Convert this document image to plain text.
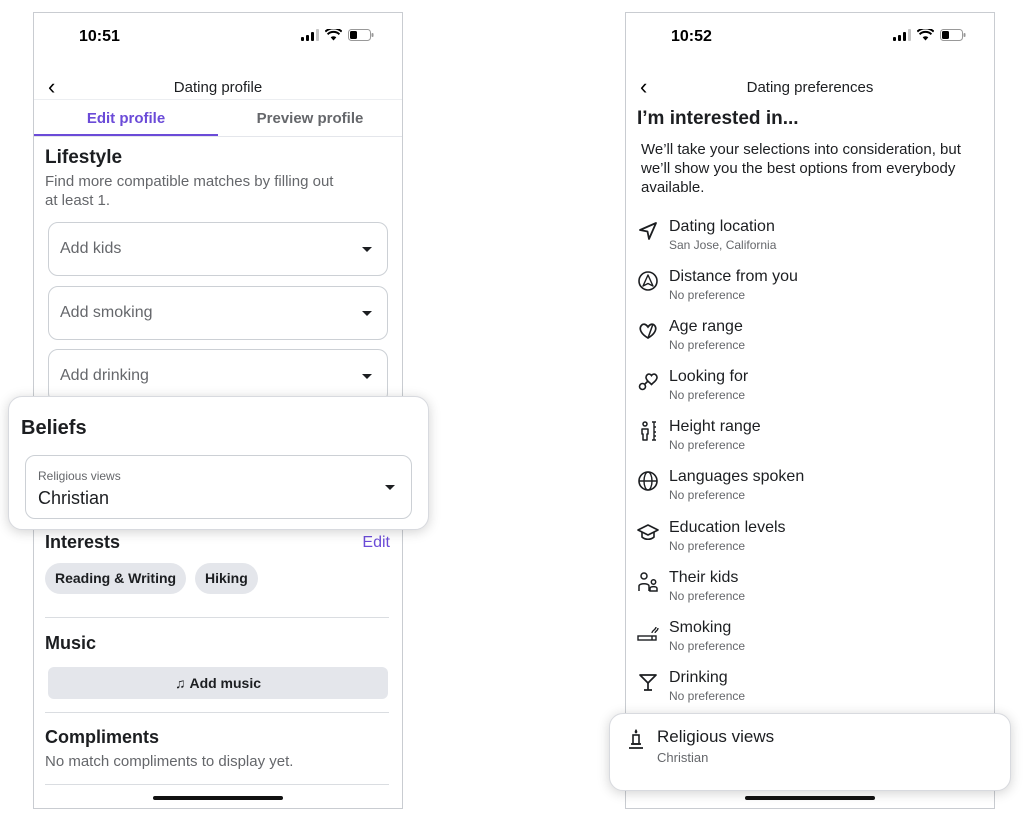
10:51
‹	Dating profile
Edit profile	Preview profile
Lifestyle
Find more compatible matches by filling out at least 1.
Add kids
Add smoking
Add drinking
Interests	Edit
Reading & Writing	Hiking
Music
♫ Add music
Compliments
No match compliments to display yet.
Beliefs
Religious views
Christian
10:52
‹	Dating preferences
I’m interested in...
We’ll take your selections into consideration, but we’ll show you the best options from everybody available.
Dating location
San Jose, California
Distance from you
No preference
Age range
No preference
Looking for
No preference
Height range
No preference
Languages spoken
No preference
Education levels
No preference
Their kids
No preference
Smoking
No preference
Drinking
No preference
Religious views
Christian
